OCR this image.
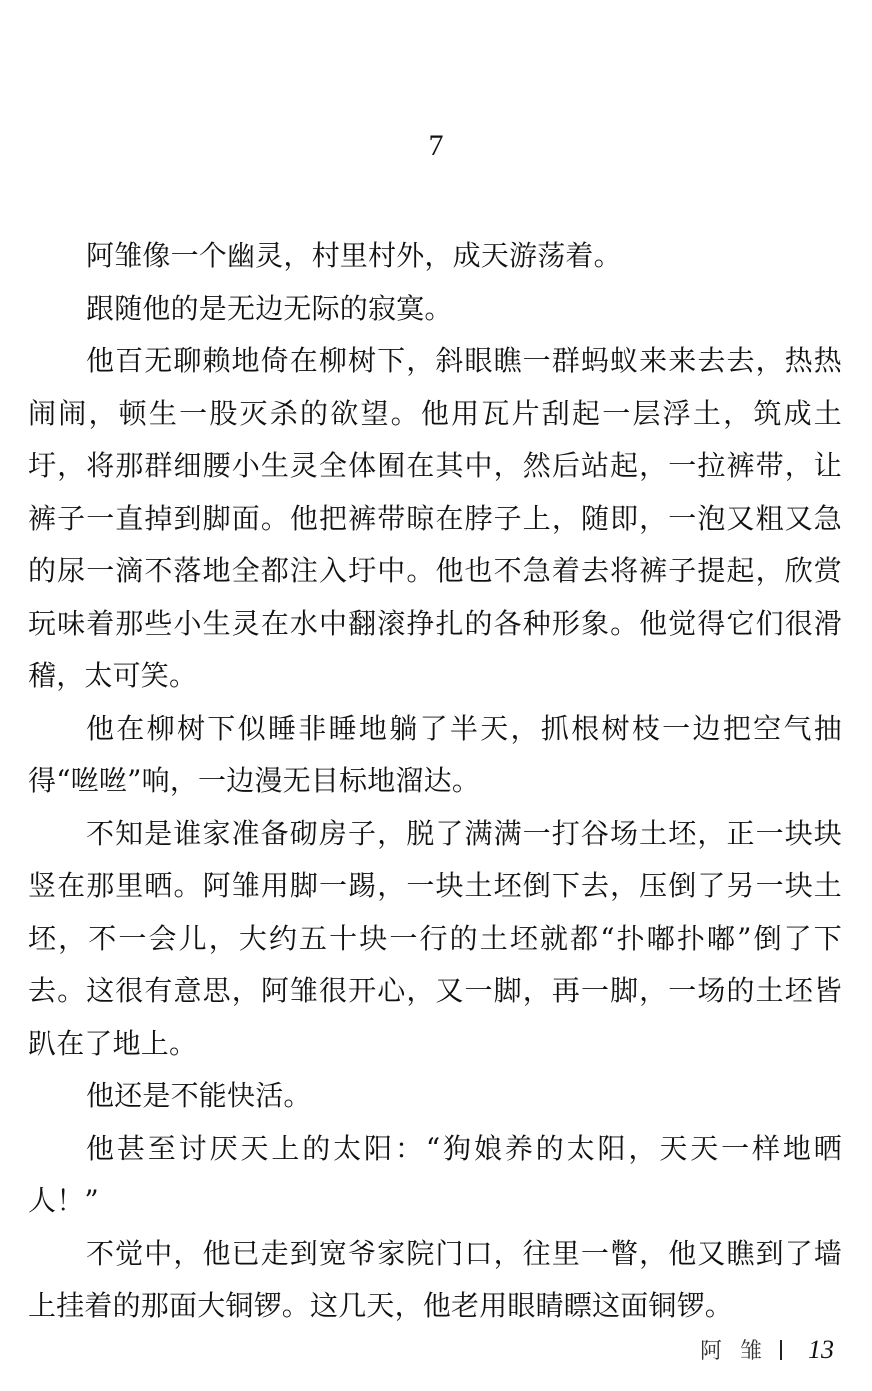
7

阿雏像一个幽灵，村里村外，成天游荡着。

跟随他的是无边无际的寂寞。

他百无聊赖地倚在柳树下，斜眼瞧一群蚂蚁来来去去，热热闹闹，顿生一股灭杀的欲望。他用瓦片刮起一层浮土，筑成土圩，将那群细腰小生灵全体囿在其中，然后站起，一拉裤带，让裤子一直掉到脚面。他把裤带晾在脖子上，随即，一泡又粗又急的尿一滴不落地全都注入圩中。他也不急着去将裤子提起，欣赏玩味着那些小生灵在水中翻滚挣扎的各种形象。他觉得它们很滑稽，太可笑。

他在柳树下似睡非睡地躺了半天，抓根树枝一边把空气抽得“咝咝”响，一边漫无目标地溜达。

不知是谁家准备砌房子，脱了满满一打谷场土坯，正一块块竖在那里晒。阿雏用脚一踢，一块土坯倒下去，压倒了另一块土坯，不一会儿，大约五十块一行的土坯就都“扑嘟扑嘟”倒了下去。这很有意思，阿雏很开心，又一脚，再一脚，一场的土坯皆趴在了地上。

他还是不能快活。

他甚至讨厌天上的太阳：“狗娘养的太阳，天天一样地晒人！”

不觉中，他已走到宽爷家院门口，往里一瞥，他又瞧到了墙上挂着的那面大铜锣。这几天，他老用眼睛瞟这面铜锣。

阿雏 13
